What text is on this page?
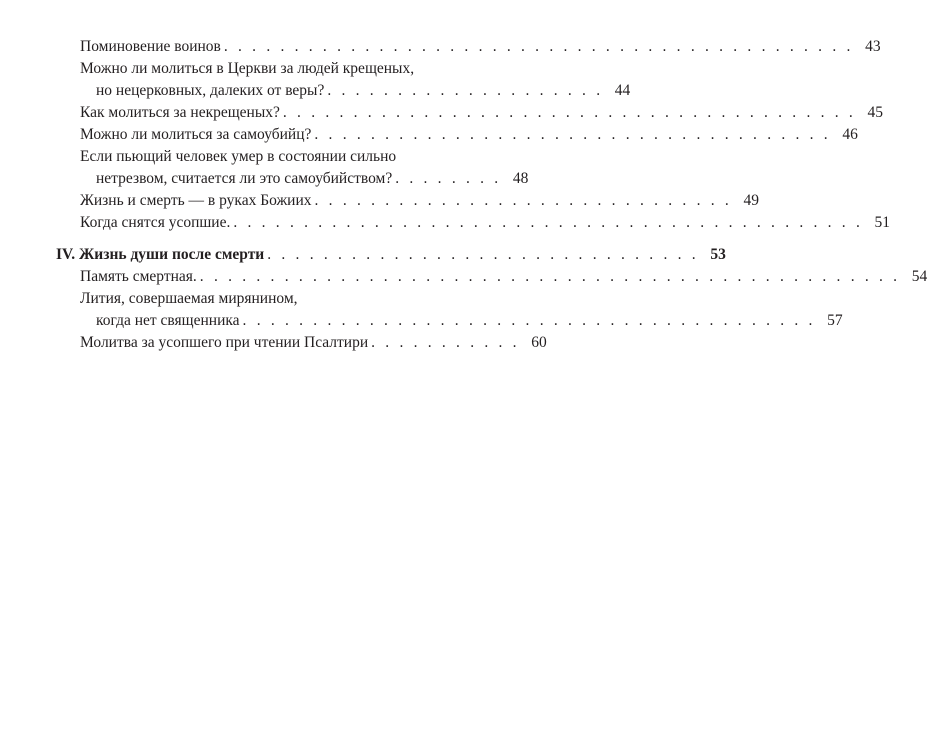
Поминовение воинов . . . . . . . . . . . . . . . . . . . . . . . . . . . . . . . . . . . . . . . . . . . . . 43
Можно ли молиться в Церкви за людей крещеных,
но нецерковных, далеких от веры? . . . . . . . . . . . . . . . . . . . . 44
Как молиться за некрещеных? . . . . . . . . . . . . . . . . . . . . . . . . . . . . . . . . . . . . . . . . . 45
Можно ли молиться за самоубийц? . . . . . . . . . . . . . . . . . . . . . . . . . . . . . . . . . . . . . 46
Если пьющий человек умер в состоянии сильно
нетрезвом, считается ли это самоубийством? . . . . . . . . 48
Жизнь и смерть — в руках Божиих . . . . . . . . . . . . . . . . . . . . . . . . . . . . . . 49
Когда снятся усопшие. . . . . . . . . . . . . . . . . . . . . . . . . . . . . . . . . . . . . . . . . . . . . . 51
IV. Жизнь души после смерти . . . . . . . . . . . . . . . . . . . . . . . . . . . . . . . 53
Память смертная. . . . . . . . . . . . . . . . . . . . . . . . . . . . . . . . . . . . . . . . . . . . . . . . . . . 54
Лития, совершаемая мирянином,
когда нет священника . . . . . . . . . . . . . . . . . . . . . . . . . . . . . . . . . . . . . . . . . 57
Молитва за усопшего при чтении Псалтири . . . . . . . . . . . 60
